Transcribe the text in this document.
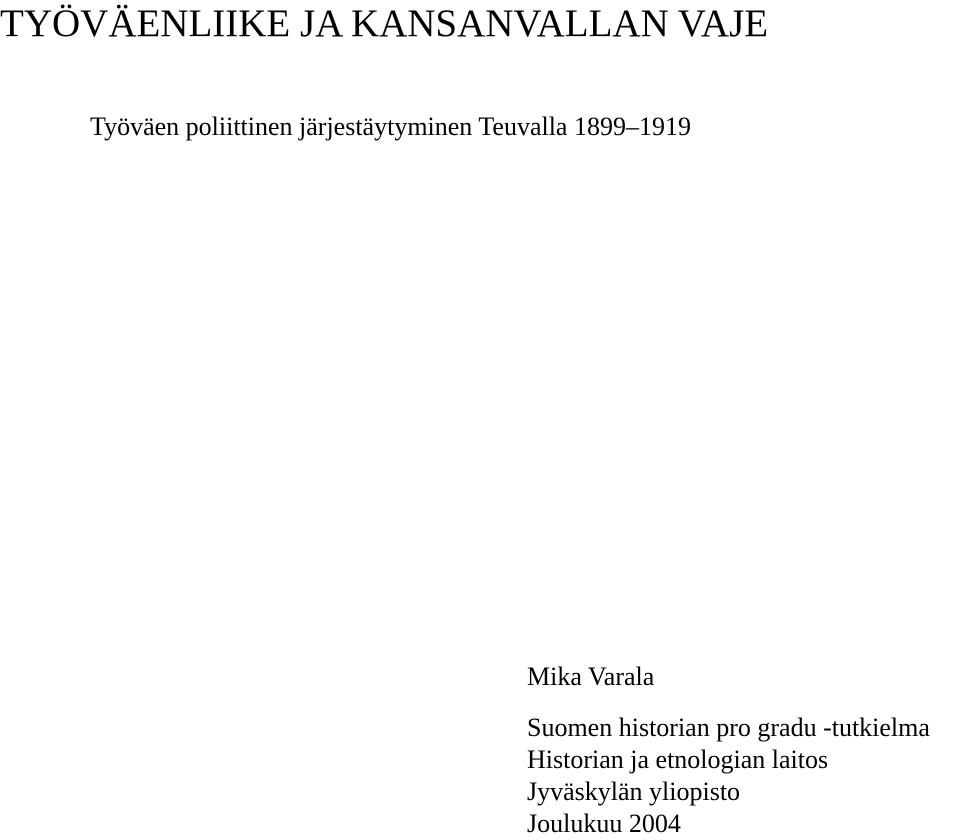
TYÖVÄENLIIKE JA KANSANVALLAN VAJE
Työväen poliittinen järjestäytyminen Teuvalla 1899–1919
Mika Varala
Suomen historian pro gradu -tutkielma
Historian ja etnologian laitos
Jyväskylän yliopisto
Joulukuu 2004
